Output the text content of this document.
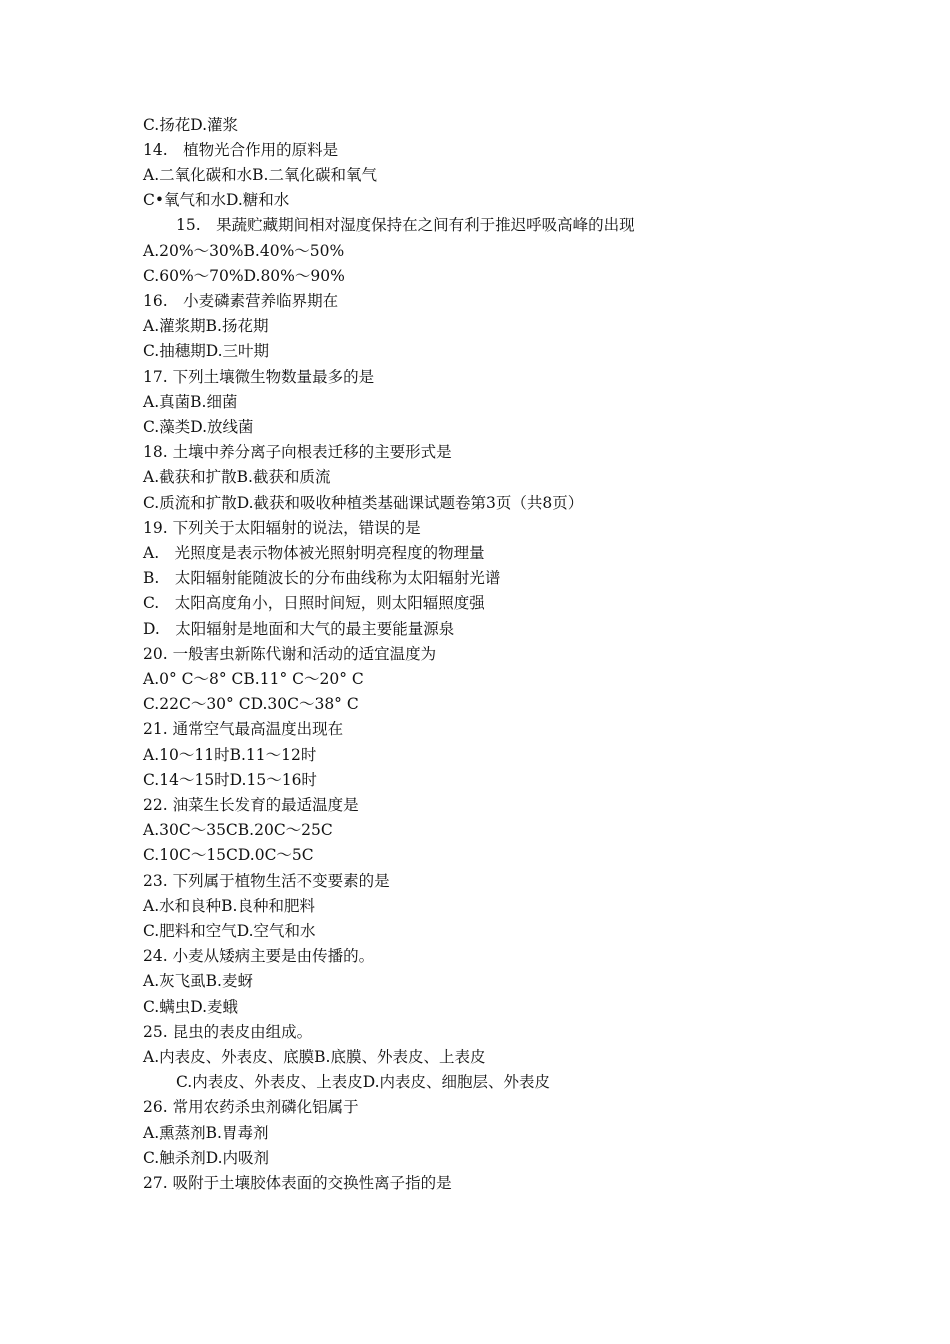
C.扬花D.灌浆
14.　植物光合作用的原料是
A.二氧化碳和水B.二氧化碳和氧气
C•氧气和水D.糖和水
15.　果蔬贮藏期间相对湿度保持在之间有利于推迟呼吸高峰的出现
A.20%〜30%B.40%〜50%
C.60%〜70%D.80%〜90%
16.　小麦磷素营养临界期在
A.灌浆期B.扬花期
C.抽穗期D.三叶期
17. 下列土壤微生物数量最多的是
A.真菌B.细菌
C.藻类D.放线菌
18. 土壤中养分离子向根表迁移的主要形式是
A.截获和扩散B.截获和质流
C.质流和扩散D.截获和吸收种植类基础课试题卷第3页（共8页）
19. 下列关于太阳辐射的说法，错误的是
A.　光照度是表示物体被光照射明亮程度的物理量
B.　太阳辐射能随波长的分布曲线称为太阳辐射光谱
C.　太阳高度角小，日照时间短，则太阳辐照度强
D.　太阳辐射是地面和大气的最主要能量源泉
20. 一般害虫新陈代谢和活动的适宜温度为
A.0° C〜8° CB.11° C〜20° C
C.22C〜30° CD.30C〜38° C
21. 通常空气最高温度出现在
A.10〜11时B.11〜12时
C.14〜15时D.15〜16时
22. 油菜生长发育的最适温度是
A.30C〜35CB.20C〜25C
C.10C〜15CD.0C〜5C
23. 下列属于植物生活不变要素的是
A.水和良种B.良种和肥料
C.肥料和空气D.空气和水
24. 小麦从矮病主要是由传播的。
A.灰飞虱B.麦蚜
C.螨虫D.麦蛾
25. 昆虫的表皮由组成。
A.内表皮、外表皮、底膜B.底膜、外表皮、上表皮
C.内表皮、外表皮、上表皮D.内表皮、细胞层、外表皮
26. 常用农药杀虫剂磷化铝属于
A.熏蒸剂B.胃毒剂
C.触杀剂D.内吸剂
27. 吸附于土壤胶体表面的交换性离子指的是
